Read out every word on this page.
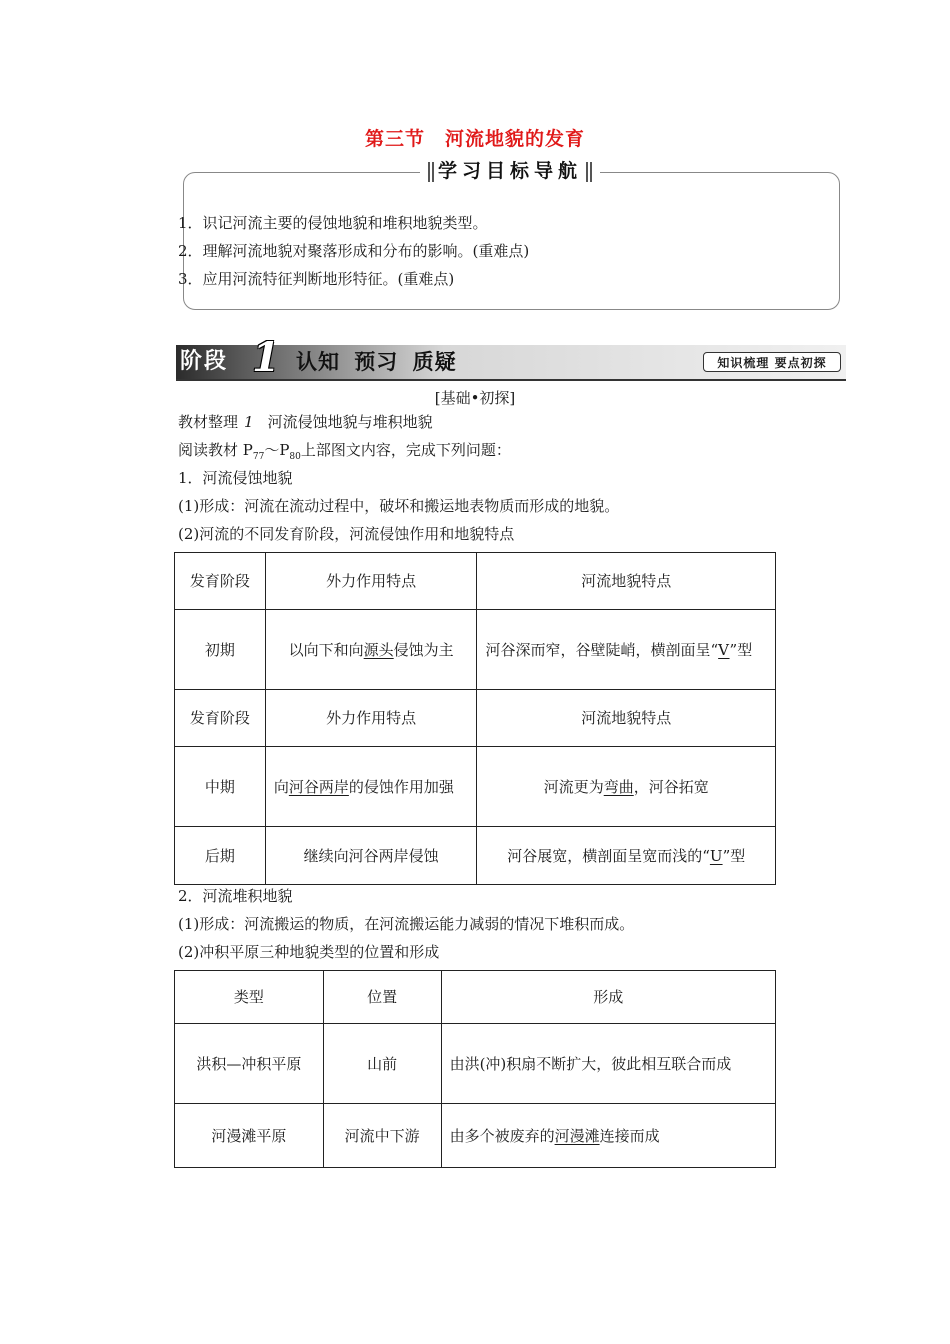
第三节　河流地貌的发育
学习目标导航
1．识记河流主要的侵蚀地貌和堆积地貌类型。
2．理解河流地貌对聚落形成和分布的影响。(重难点)
3．应用河流特征判断地形特征。(重难点)
阶段 1 认知 预习 质疑	知识梳理 要点初探
[基础•初探]
教材整理 1 河流侵蚀地貌与堆积地貌
阅读教材 $P_{77}\sim P_{80}$上部图文内容，完成下列问题：
1．河流侵蚀地貌
(1)形成：河流在流动过程中，破坏和搬运地表物质而形成的地貌。
(2)河流的不同发育阶段，河流侵蚀作用和地貌特点
发育阶段	外力作用特点	河流地貌特点
初期	以向下和向源头侵蚀为主	河谷深而窄，谷壁陡峭，横剖面呈“V”型
发育阶段	外力作用特点	河流地貌特点
中期	向河谷两岸的侵蚀作用加强	河流更为弯曲，河谷拓宽
后期	继续向河谷两岸侵蚀	河谷展宽，横剖面呈宽而浅的“U”型
2．河流堆积地貌
(1)形成：河流搬运的物质，在河流搬运能力减弱的情况下堆积而成。
(2)冲积平原三种地貌类型的位置和形成
类型	位置	形成
洪积—冲积平原	山前	由洪(冲)积扇不断扩大，彼此相互联合而成
河漫滩平原	河流中下游	由多个被废弃的河漫滩连接而成
